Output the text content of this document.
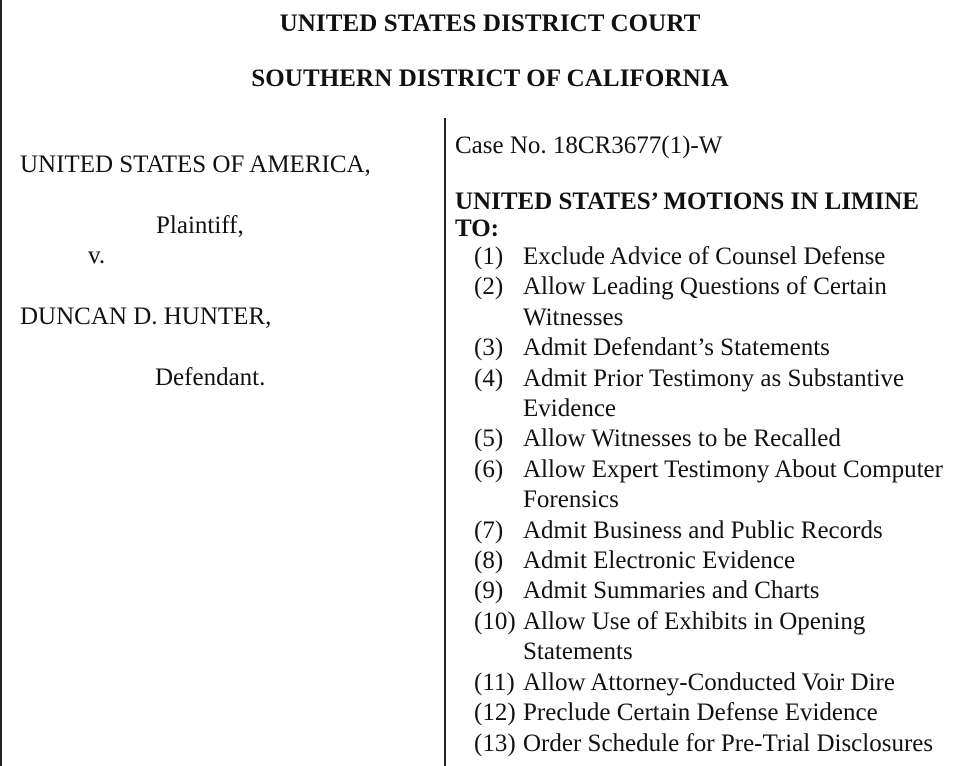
UNITED STATES DISTRICT COURT
SOUTHERN DISTRICT OF CALIFORNIA
UNITED STATES OF AMERICA,
Plaintiff,
v.
DUNCAN D. HUNTER,
Defendant.
Case No. 18CR3677(1)-W
UNITED STATES’ MOTIONS IN LIMINE TO:
(1) Exclude Advice of Counsel Defense
(2) Allow Leading Questions of Certain Witnesses
(3) Admit Defendant’s Statements
(4) Admit Prior Testimony as Substantive Evidence
(5) Allow Witnesses to be Recalled
(6) Allow Expert Testimony About Computer Forensics
(7) Admit Business and Public Records
(8) Admit Electronic Evidence
(9) Admit Summaries and Charts
(10) Allow Use of Exhibits in Opening Statements
(11) Allow Attorney-Conducted Voir Dire
(12) Preclude Certain Defense Evidence
(13) Order Schedule for Pre-Trial Disclosures
